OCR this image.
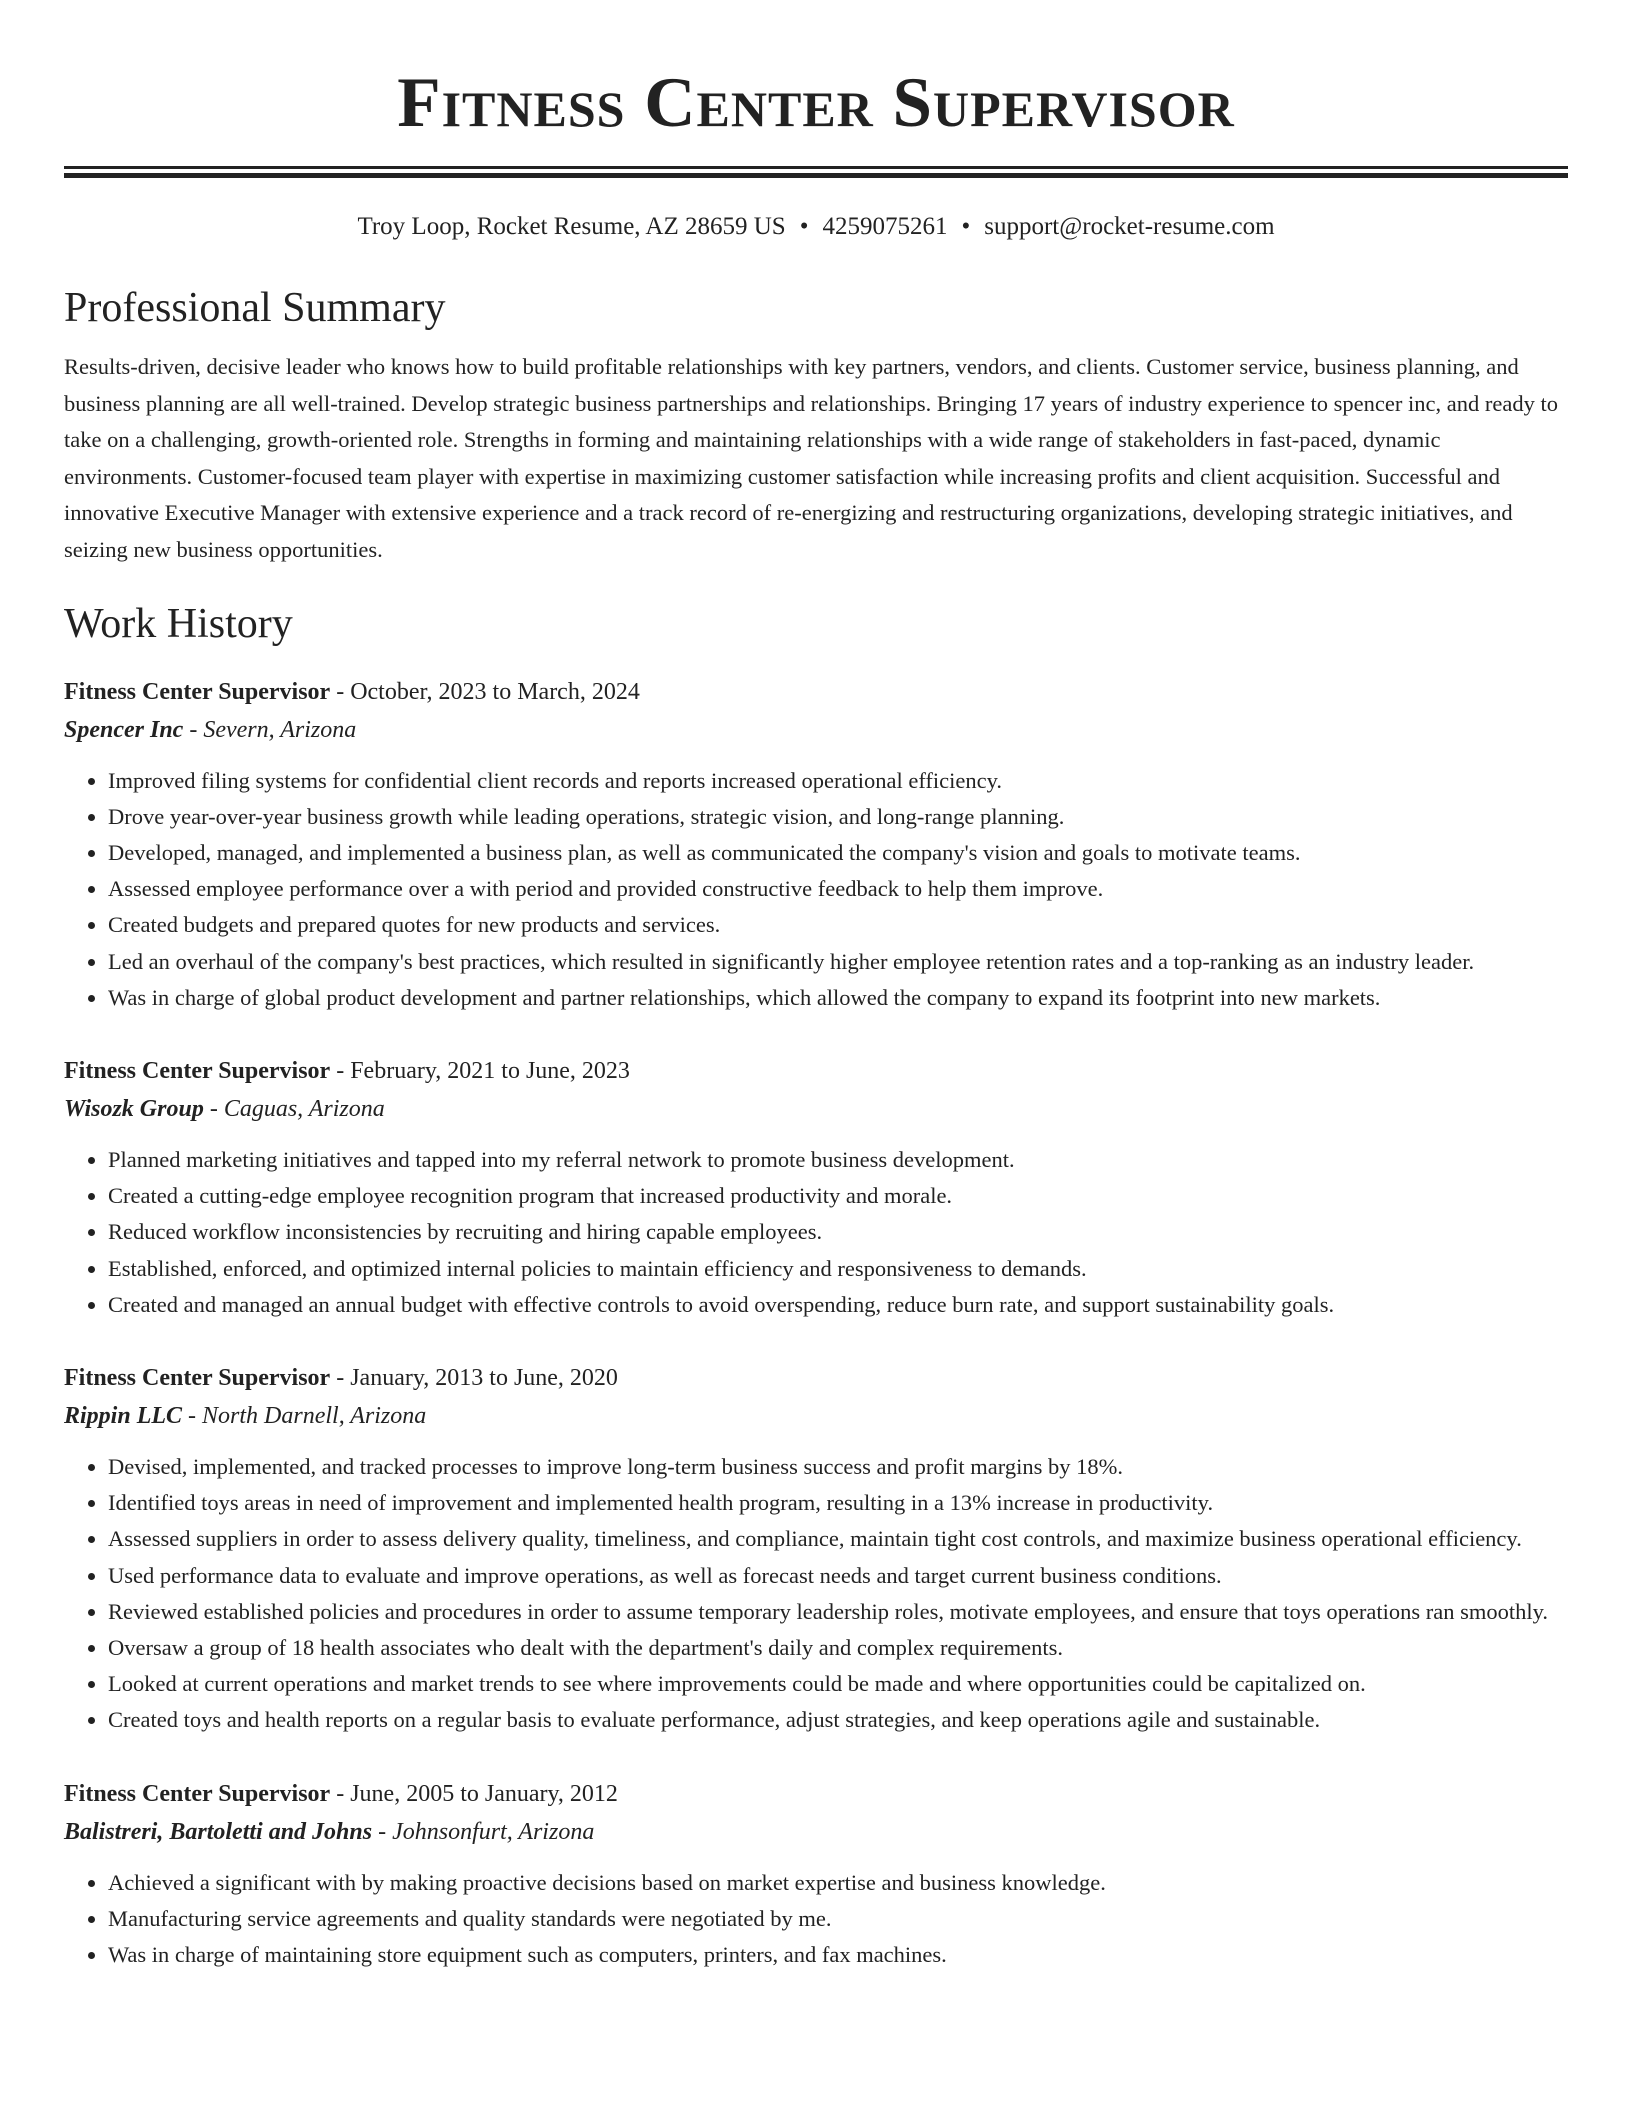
Fitness Center Supervisor
Troy Loop, Rocket Resume, AZ 28659 US • 4259075261 • support@rocket-resume.com
Professional Summary

Results-driven, decisive leader who knows how to build profitable relationships with key partners, vendors, and clients. Customer service, business planning, and business planning are all well-trained. Develop strategic business partnerships and relationships. Bringing 17 years of industry experience to spencer inc, and ready to take on a challenging, growth-oriented role. Strengths in forming and maintaining relationships with a wide range of stakeholders in fast-paced, dynamic environments. Customer-focused team player with expertise in maximizing customer satisfaction while increasing profits and client acquisition. Successful and innovative Executive Manager with extensive experience and a track record of re-energizing and restructuring organizations, developing strategic initiatives, and seizing new business opportunities.

Work History
Fitness Center Supervisor - October, 2023 to March, 2024
Spencer Inc - Severn, Arizona
• Improved filing systems for confidential client records and reports increased operational efficiency.
• Drove year-over-year business growth while leading operations, strategic vision, and long-range planning.
• Developed, managed, and implemented a business plan, as well as communicated the company's vision and goals to motivate teams.
• Assessed employee performance over a with period and provided constructive feedback to help them improve.
• Created budgets and prepared quotes for new products and services.
• Led an overhaul of the company's best practices, which resulted in significantly higher employee retention rates and a top-ranking as an industry leader.
• Was in charge of global product development and partner relationships, which allowed the company to expand its footprint into new markets.
Fitness Center Supervisor - February, 2021 to June, 2023
Wisozk Group - Caguas, Arizona
• Planned marketing initiatives and tapped into my referral network to promote business development.
• Created a cutting-edge employee recognition program that increased productivity and morale.
• Reduced workflow inconsistencies by recruiting and hiring capable employees.
• Established, enforced, and optimized internal policies to maintain efficiency and responsiveness to demands.
• Created and managed an annual budget with effective controls to avoid overspending, reduce burn rate, and support sustainability goals.
Fitness Center Supervisor - January, 2013 to June, 2020
Rippin LLC - North Darnell, Arizona
• Devised, implemented, and tracked processes to improve long-term business success and profit margins by 18%.
• Identified toys areas in need of improvement and implemented health program, resulting in a 13% increase in productivity.
• Assessed suppliers in order to assess delivery quality, timeliness, and compliance, maintain tight cost controls, and maximize business operational efficiency.
• Used performance data to evaluate and improve operations, as well as forecast needs and target current business conditions.
• Reviewed established policies and procedures in order to assume temporary leadership roles, motivate employees, and ensure that toys operations ran smoothly.
• Oversaw a group of 18 health associates who dealt with the department's daily and complex requirements.
• Looked at current operations and market trends to see where improvements could be made and where opportunities could be capitalized on.
• Created toys and health reports on a regular basis to evaluate performance, adjust strategies, and keep operations agile and sustainable.
Fitness Center Supervisor - June, 2005 to January, 2012
Balistreri, Bartoletti and Johns - Johnsonfurt, Arizona
• Achieved a significant with by making proactive decisions based on market expertise and business knowledge.
• Manufacturing service agreements and quality standards were negotiated by me.
• Was in charge of maintaining store equipment such as computers, printers, and fax machines.
